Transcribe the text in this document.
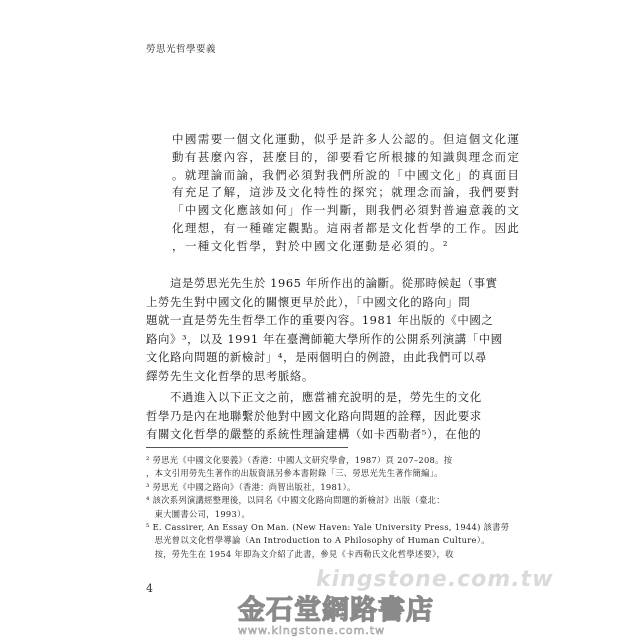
勞思光哲學要義

中國需要一個文化運動，似乎是許多人公認的。但這個文化運

動有甚麼內容，甚麼目的，卻要看它所根據的知識與理念而定

。就理論而論，我們必須對我們所說的「中國文化」的真面目

有充足了解，這涉及文化特性的探究；就理念而論，我們要對

「中國文化應該如何」作一判斷，則我們必須對普遍意義的文

化理想，有一種確定觀點。這兩者都是文化哲學的工作。因此

，一種文化哲學，對於中國文化運動是必須的。²

　　這是勞思光先生於 1965 年所作出的論斷。從那時候起（事實

上勞先生對中國文化的關懷更早於此），「中國文化的路向」問

題就一直是勞先生哲學工作的重要內容。1981 年出版的《中國之

路向》³，以及 1991 年在臺灣師範大學所作的公開系列演講「中國

文化路向問題的新檢討」⁴，是兩個明白的例證，由此我們可以尋

繹勞先生文化哲學的思考脈絡。

　　不過進入以下正文之前，應當補充說明的是，勞先生的文化

哲學乃是內在地聯繫於他對中國文化路向問題的詮釋，因此要求

有關文化哲學的嚴整的系統性理論建構（如卡西勒者⁵），在他的

² 勞思光《中國文化要義》（香港：中國人文研究學會，1987）頁 207–208。按

，本文引用勞先生著作的出版資訊另參本書附錄「三、勞思光先生著作簡編」。

³ 勞思光《中國之路向》（香港：尚智出版社，1981）。

⁴ 該次系列演講經整理後，以同名《中國文化路向問題的新檢討》出版（臺北：

　東大圖書公司，1993）。

⁵ E. Cassirer, An Essay On Man. (New Haven: Yale University Press, 1944) 該書勞

　思光曾以文化哲學導論（An Introduction to A Philosophy of Human Culture）。

　按，勞先生在 1954 年即為文介紹了此書，參見《卡西勒氏文化哲學述要》，收

4	kingstone.com.tw
金石堂網路書店
www.kingstone.com.tw
